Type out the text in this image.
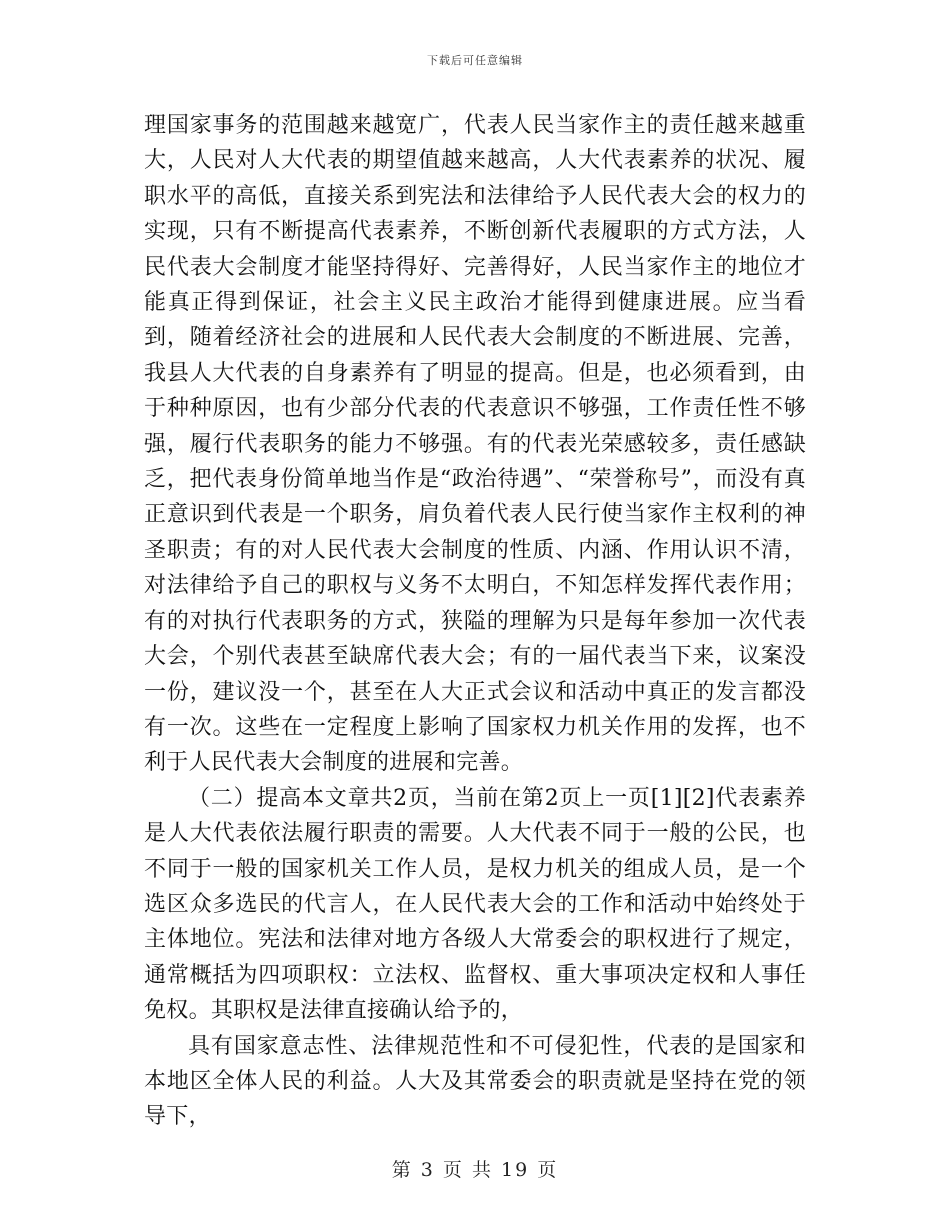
下载后可任意编辑

理国家事务的范围越来越宽广，代表人民当家作主的责任越来越重大，人民对人大代表的期望值越来越高，人大代表素养的状况、履职水平的高低，直接关系到宪法和法律给予人民代表大会的权力的实现，只有不断提高代表素养，不断创新代表履职的方式方法，人民代表大会制度才能坚持得好、完善得好，人民当家作主的地位才能真正得到保证，社会主义民主政治才能得到健康进展。应当看到，随着经济社会的进展和人民代表大会制度的不断进展、完善，我县人大代表的自身素养有了明显的提高。但是，也必须看到，由于种种原因，也有少部分代表的代表意识不够强，工作责任性不够强，履行代表职务的能力不够强。有的代表光荣感较多，责任感缺乏，把代表身份简单地当作是“政治待遇”、“荣誉称号”，而没有真正意识到代表是一个职务，肩负着代表人民行使当家作主权利的神圣职责；有的对人民代表大会制度的性质、内涵、作用认识不清，对法律给予自己的职权与义务不太明白，不知怎样发挥代表作用；有的对执行代表职务的方式，狭隘的理解为只是每年参加一次代表大会，个别代表甚至缺席代表大会；有的一届代表当下来，议案没一份，建议没一个，甚至在人大正式会议和活动中真正的发言都没有一次。这些在一定程度上影响了国家权力机关作用的发挥，也不利于人民代表大会制度的进展和完善。

（二）提高本文章共2页，当前在第2页上一页[1][2]代表素养是人大代表依法履行职责的需要。人大代表不同于一般的公民，也不同于一般的国家机关工作人员，是权力机关的组成人员，是一个选区众多选民的代言人，在人民代表大会的工作和活动中始终处于主体地位。宪法和法律对地方各级人大常委会的职权进行了规定，通常概括为四项职权：立法权、监督权、重大事项决定权和人事任免权。其职权是法律直接确认给予的，

具有国家意志性、法律规范性和不可侵犯性，代表的是国家和本地区全体人民的利益。人大及其常委会的职责就是坚持在党的领导下，

第 3 页 共 19 页
